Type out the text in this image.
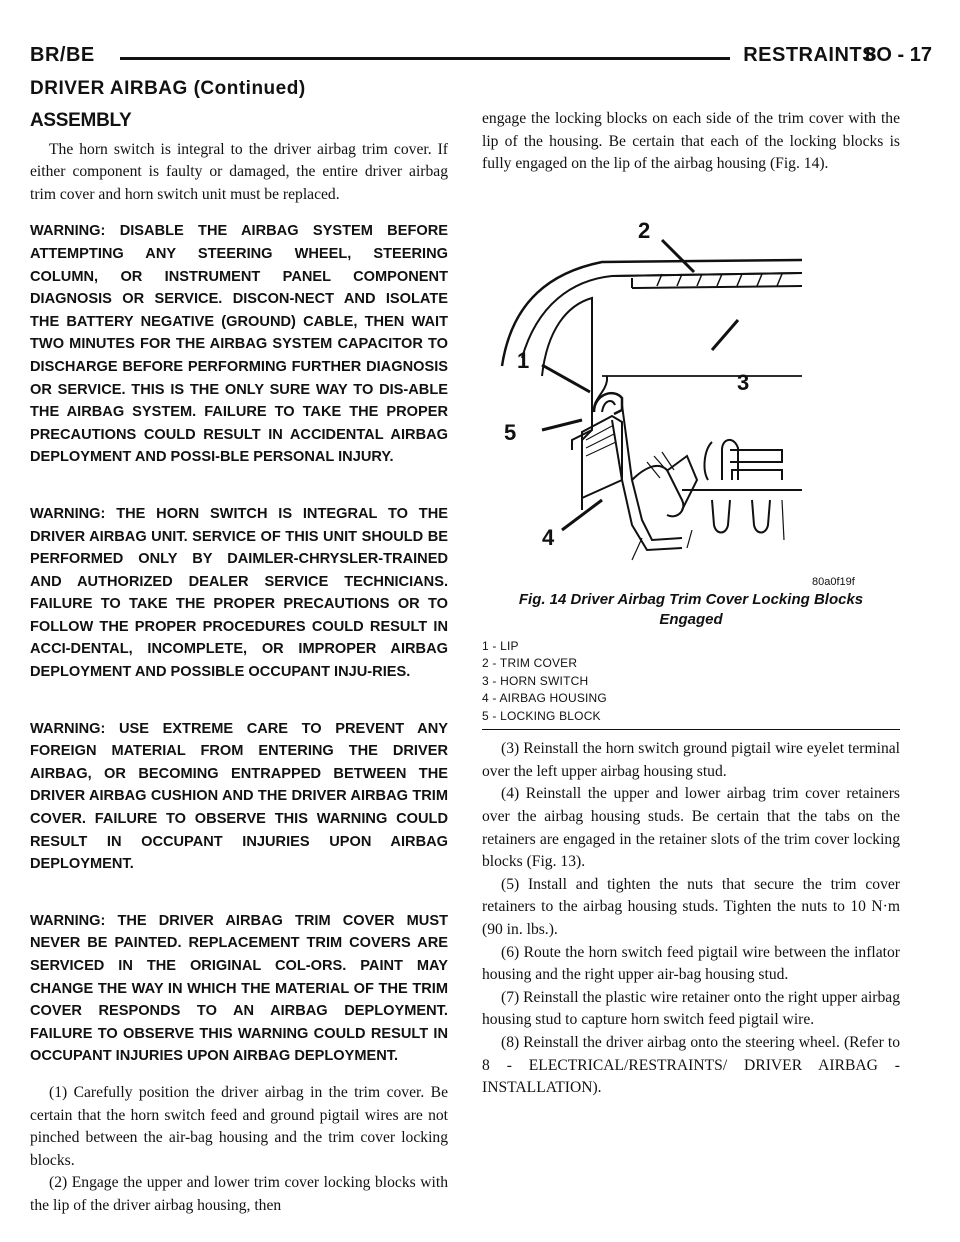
BR/BE	RESTRAINTS
8O - 17
DRIVER AIRBAG (Continued)
ASSEMBLY

The horn switch is integral to the driver airbag trim cover. If either component is faulty or damaged, the entire driver airbag trim cover and horn switch unit must be replaced.

WARNING: DISABLE THE AIRBAG SYSTEM BEFORE ATTEMPTING ANY STEERING WHEEL, STEERING COLUMN, OR INSTRUMENT PANEL COMPONENT DIAGNOSIS OR SERVICE. DISCON-NECT AND ISOLATE THE BATTERY NEGATIVE (GROUND) CABLE, THEN WAIT TWO MINUTES FOR THE AIRBAG SYSTEM CAPACITOR TO DISCHARGE BEFORE PERFORMING FURTHER DIAGNOSIS OR SERVICE. THIS IS THE ONLY SURE WAY TO DIS-ABLE THE AIRBAG SYSTEM. FAILURE TO TAKE THE PROPER PRECAUTIONS COULD RESULT IN ACCIDENTAL AIRBAG DEPLOYMENT AND POSSI-BLE PERSONAL INJURY.

WARNING: THE HORN SWITCH IS INTEGRAL TO THE DRIVER AIRBAG UNIT. SERVICE OF THIS UNIT SHOULD BE PERFORMED ONLY BY DAIMLER-CHRYSLER-TRAINED AND AUTHORIZED DEALER SERVICE TECHNICIANS. FAILURE TO TAKE THE PROPER PRECAUTIONS OR TO FOLLOW THE PROPER PROCEDURES COULD RESULT IN ACCI-DENTAL, INCOMPLETE, OR IMPROPER AIRBAG DEPLOYMENT AND POSSIBLE OCCUPANT INJU-RIES.

WARNING: USE EXTREME CARE TO PREVENT ANY FOREIGN MATERIAL FROM ENTERING THE DRIVER AIRBAG, OR BECOMING ENTRAPPED BETWEEN THE DRIVER AIRBAG CUSHION AND THE DRIVER AIRBAG TRIM COVER. FAILURE TO OBSERVE THIS WARNING COULD RESULT IN OCCUPANT INJURIES UPON AIRBAG DEPLOYMENT.

WARNING: THE DRIVER AIRBAG TRIM COVER MUST NEVER BE PAINTED. REPLACEMENT TRIM COVERS ARE SERVICED IN THE ORIGINAL COL-ORS. PAINT MAY CHANGE THE WAY IN WHICH THE MATERIAL OF THE TRIM COVER RESPONDS TO AN AIRBAG DEPLOYMENT. FAILURE TO OBSERVE THIS WARNING COULD RESULT IN OCCUPANT INJURIES UPON AIRBAG DEPLOYMENT.

(1) Carefully position the driver airbag in the trim cover. Be certain that the horn switch feed and ground pigtail wires are not pinched between the air-bag housing and the trim cover locking blocks.

(2) Engage the upper and lower trim cover locking blocks with the lip of the driver airbag housing, then

engage the locking blocks on each side of the trim cover with the lip of the housing. Be certain that each of the locking blocks is fully engaged on the lip of the airbag housing (Fig. 14).

2
3
1
5
4
80a0f19f
Fig. 14 Driver Airbag Trim Cover Locking Blocks
Engaged
1 - LIP
2 - TRIM COVER
3 - HORN SWITCH
4 - AIRBAG HOUSING
5 - LOCKING BLOCK

(3) Reinstall the horn switch ground pigtail wire eyelet terminal over the left upper airbag housing stud.

(4) Reinstall the upper and lower airbag trim cover retainers over the airbag housing studs. Be certain that the tabs on the retainers are engaged in the retainer slots of the trim cover locking blocks (Fig. 13).

(5) Install and tighten the nuts that secure the trim cover retainers to the airbag housing studs. Tighten the nuts to 10 N·m (90 in. lbs.).

(6) Route the horn switch feed pigtail wire between the inflator housing and the right upper air-bag housing stud.

(7) Reinstall the plastic wire retainer onto the right upper airbag housing stud to capture horn switch feed pigtail wire.

(8) Reinstall the driver airbag onto the steering wheel. (Refer to 8 - ELECTRICAL/RESTRAINTS/ DRIVER AIRBAG - INSTALLATION).
